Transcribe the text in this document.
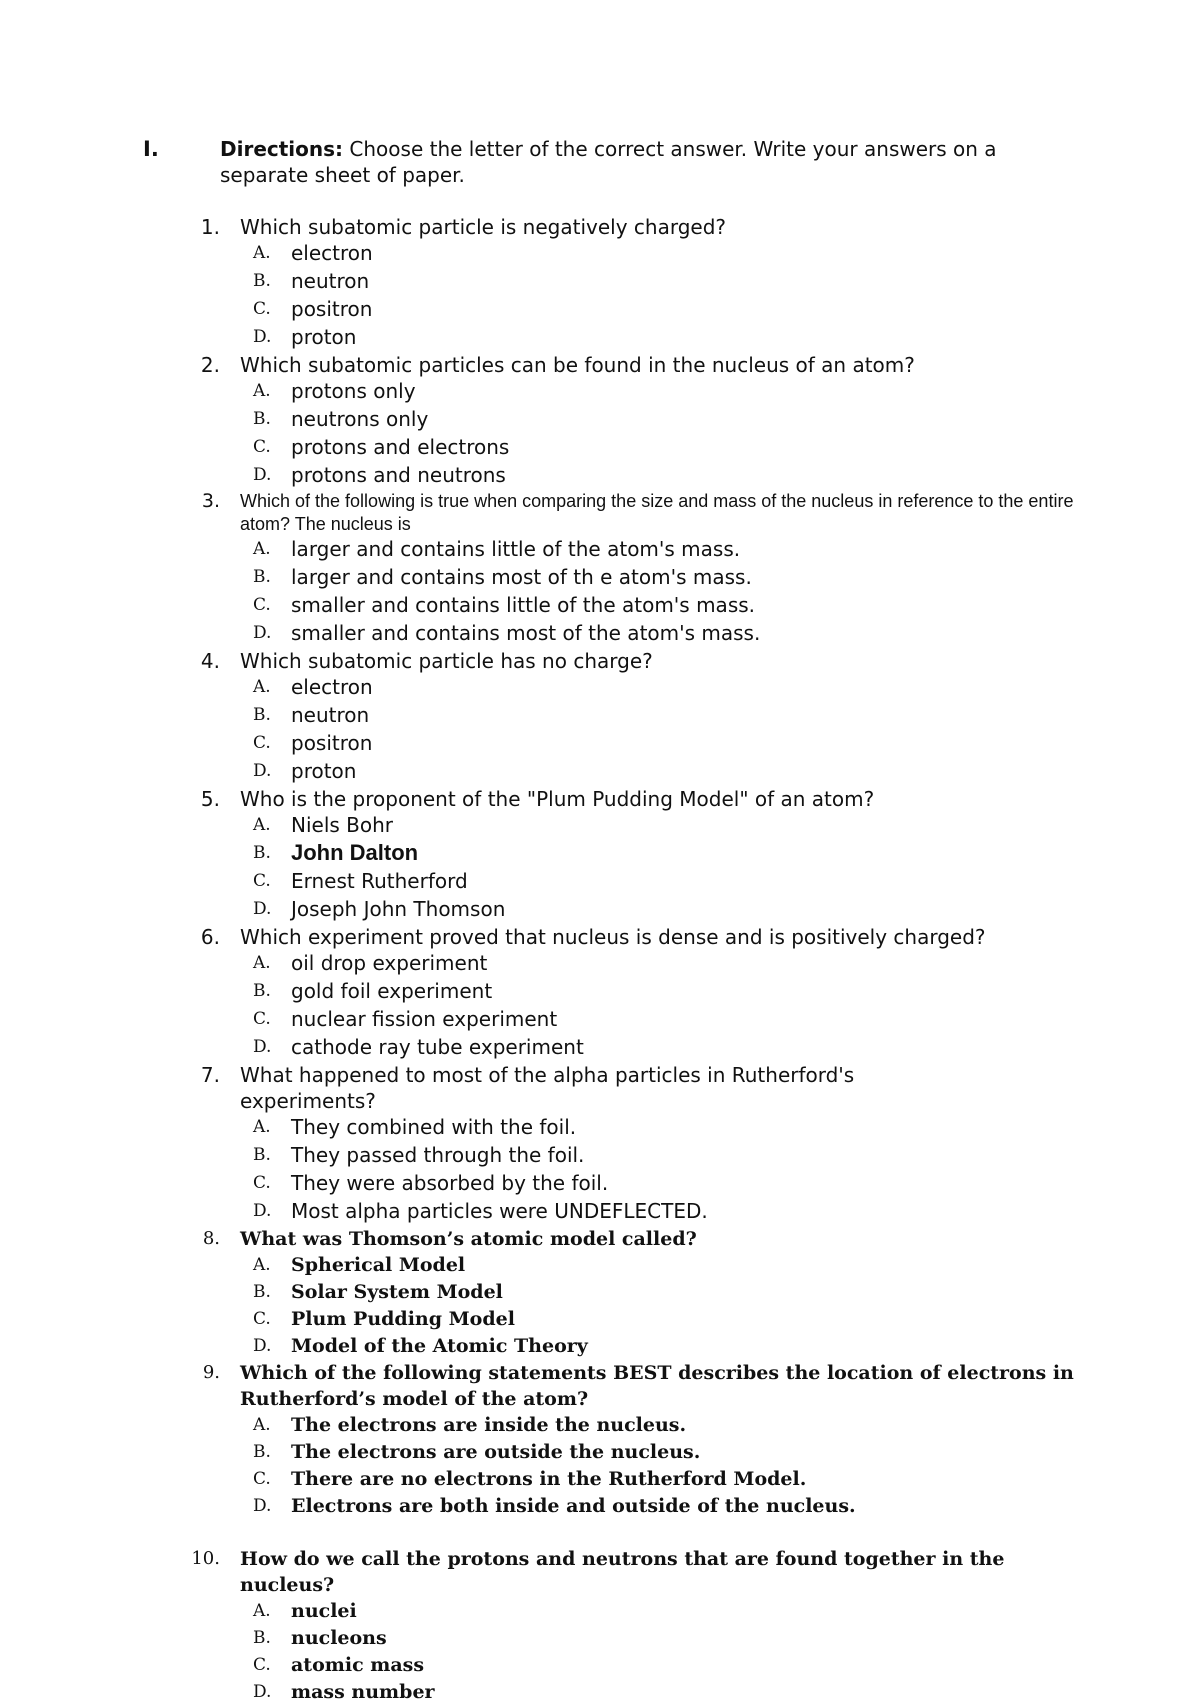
I.	Directions: Choose the letter of the correct answer. Write your answers on a separate sheet of paper.
1. Which subatomic particle is negatively charged?
A. electron
B. neutron
C. positron
D. proton
2. Which subatomic particles can be found in the nucleus of an atom?
A. protons only
B. neutrons only
C. protons and electrons
D. protons and neutrons
3. Which of the following is true when comparing the size and mass of the nucleus in reference to the entire atom? The nucleus is
A. larger and contains little of the atom's mass.
B. larger and contains most of th e atom's mass.
C. smaller and contains little of the atom's mass.
D. smaller and contains most of the atom's mass.
4. Which subatomic particle has no charge?
A. electron
B. neutron
C. positron
D. proton
5. Who is the proponent of the "Plum Pudding Model" of an atom?
A. Niels Bohr
B. John Dalton
C. Ernest Rutherford
D. Joseph John Thomson
6. Which experiment proved that nucleus is dense and is positively charged?
A. oil drop experiment
B. gold foil experiment
C. nuclear fission experiment
D. cathode ray tube experiment
7. What happened to most of the alpha particles in Rutherford's experiments?
A. They combined with the foil.
B. They passed through the foil.
C. They were absorbed by the foil.
D. Most alpha particles were UNDEFLECTED.
8. What was Thomson’s atomic model called?
A. Spherical Model
B. Solar System Model
C. Plum Pudding Model
D. Model of the Atomic Theory
9. Which of the following statements BEST describes the location of electrons in Rutherford’s model of the atom?
A. The electrons are inside the nucleus.
B. The electrons are outside the nucleus.
C. There are no electrons in the Rutherford Model.
D. Electrons are both inside and outside of the nucleus.
10. How do we call the protons and neutrons that are found together in the nucleus?
A. nuclei
B. nucleons
C. atomic mass
D. mass number
